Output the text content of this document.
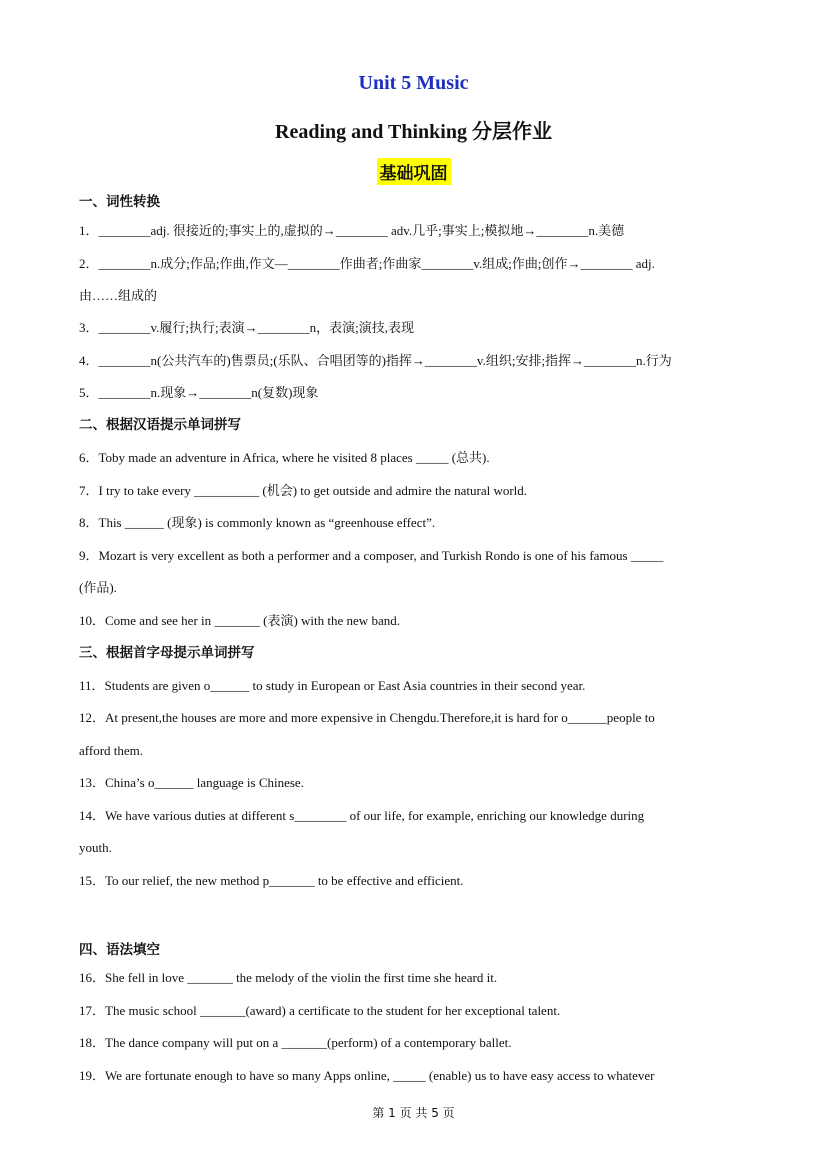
Unit 5 Music
Reading and Thinking 分层作业
基础巩固
一、词性转换
1．________adj. 很接近的;事实上的,虚拟的→________ adv.几乎;事实上;模拟地→________n.美德
2．________n.成分;作品;作曲,作文—________作曲者;作曲家________v.组成;作曲;创作→________ adj.
由……组成的
3．________v.履行;执行;表演→________n，表演;演技,表现
4．________n(公共汽车的)售票员;(乐队、合唱团等的)指挥→________v.组织;安排;指挥→________n.行为
5．________n.现象→________n(复数)现象
二、根据汉语提示单词拼写
6．Toby made an adventure in Africa, where he visited 8 places _____ (总共).
7．I try to take every __________ (机会) to get outside and admire the natural world.
8．This ______ (现象) is commonly known as “greenhouse effect”.
9．Mozart is very excellent as both a performer and a composer, and Turkish Rondo is one of his famous _____
(作品).
10．Come and see her in _______ (表演) with the new band.
三、根据首字母提示单词拼写
11．Students are given o______ to study in European or East Asia countries in their second year.
12．At present,the houses are more and more expensive in Chengdu.Therefore,it is hard for o______people to
afford them.
13．China’s o______ language is Chinese.
14．We have various duties at different s________ of our life, for example, enriching our knowledge during
youth.
15．To our relief, the new method p_______ to be effective and efficient.
四、语法填空
16．She fell in love _______ the melody of the violin the first time she heard it.
17．The music school _______(award) a certificate to the student for her exceptional talent.
18．The dance company will put on a _______(perform) of a contemporary ballet.
19．We are fortunate enough to have so many Apps online, _____ (enable) us to have easy access to whatever
第 1 页 共 5 页
